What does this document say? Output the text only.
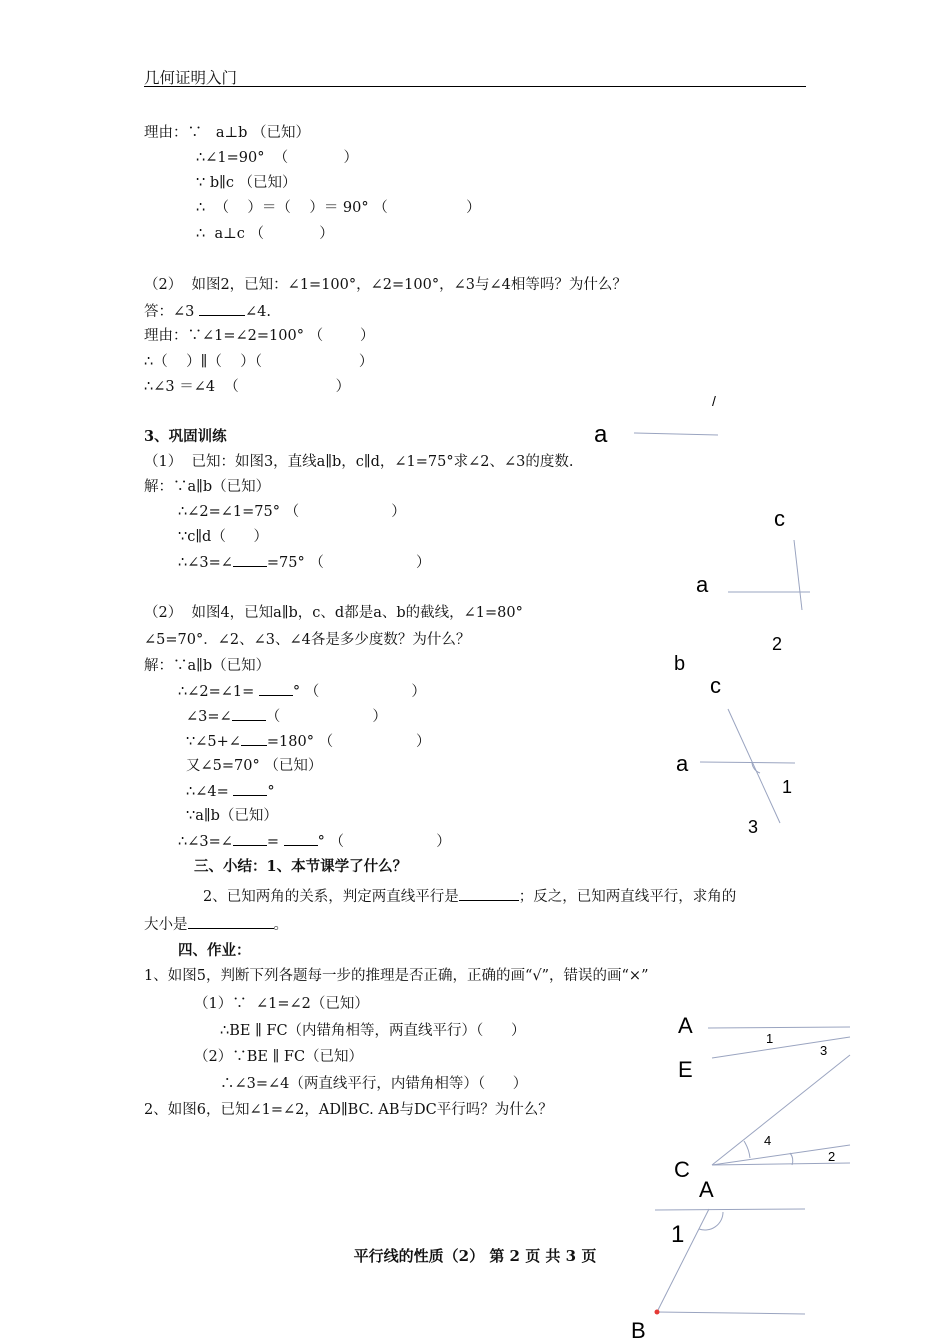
几何证明入门
理由：∵   a⊥b （已知）
∴∠1=90°  （            ）
∵ b∥c （已知）
∴  （    ）＝（    ）＝ 90° （                 ）
∴  a⊥c （            ）
（2）  如图2，已知：∠1=100°，∠2=100°，∠3与∠4相等吗？为什么？
答：∠3	∠4.
理由：∵∠1=∠2=100° （        ）
∴（    ）∥（    ）（                     ）
∴∠3 ＝∠4  （                     ）
3、巩固训练
（1）  已知：如图3，直线a∥b，c∥d，∠1=75°求∠2、∠3的度数.
解：∵a∥b（已知）
∴∠2=∠1=75° （                    ）
∵c∥d（      ）
∴∠3=∠ =75° （                    ）
（2）  如图4，已知a∥b，c、d都是a、b的截线，∠1=80°
∠5=70°．∠2、∠3、∠4各是多少度数？为什么？
解：∵a∥b（已知）
∴∠2=∠1= ° （                    ）
∠3=∠ （                    ）
∵∠5+∠ =180° （                  ）
又∠5=70° （已知）
∴∠4= °
∵a∥b（已知）
∴∠3=∠ = ° （                    ）
三、小结：1、本节课学了什么？
2、已知两角的关系，判定两直线平行是	；反之，已知两直线平行，求角的
大小是	。
四、作业：
1、如图5，判断下列各题每一步的推理是否正确，正确的画“√”，错误的画“×”
（1）∵  ∠1=∠2（已知）
∴BE ∥ FC（内错角相等，两直线平行）（      ）
（2）∵BE ∥ FC（已知）
∴∠3=∠4（两直线平行，内错角相等）（      ）
2、如图6，已知∠1=∠2，AD∥BC. AB与DC平行吗？为什么？
a
/
c
a
2
b
c
a
1
3
A
1
E
3
4
2
C
A
1
B
平行线的性质（2） 第 2 页 共 3 页
